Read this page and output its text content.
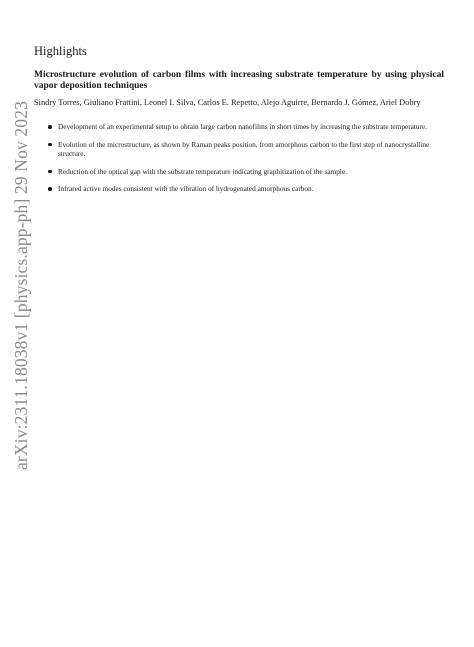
arXiv:2311.18038v1 [physics.app-ph] 29 Nov 2023
Highlights
Microstructure evolution of carbon films with increasing substrate temperature by using physical vapor deposition techniques
Sindry Torres, Giuliano Frattini, Leonel I. Silva, Carlos E. Repetto, Alejo Aguirre, Bernardo J. Gómez, Ariel Dobry
Development of an experimental setup to obtain large carbon nanofilms in short times by increasing the substrate temperature.
Evolution of the microstructure, as shown by Raman peaks position, from amorphous carbon to the first step of nanocrystalline structure.
Reduction of the optical gap with the substrate temperature indicating graphitization of the sample.
Infrared active modes consistent with the vibration of hydrogenated amorphous carbon.
